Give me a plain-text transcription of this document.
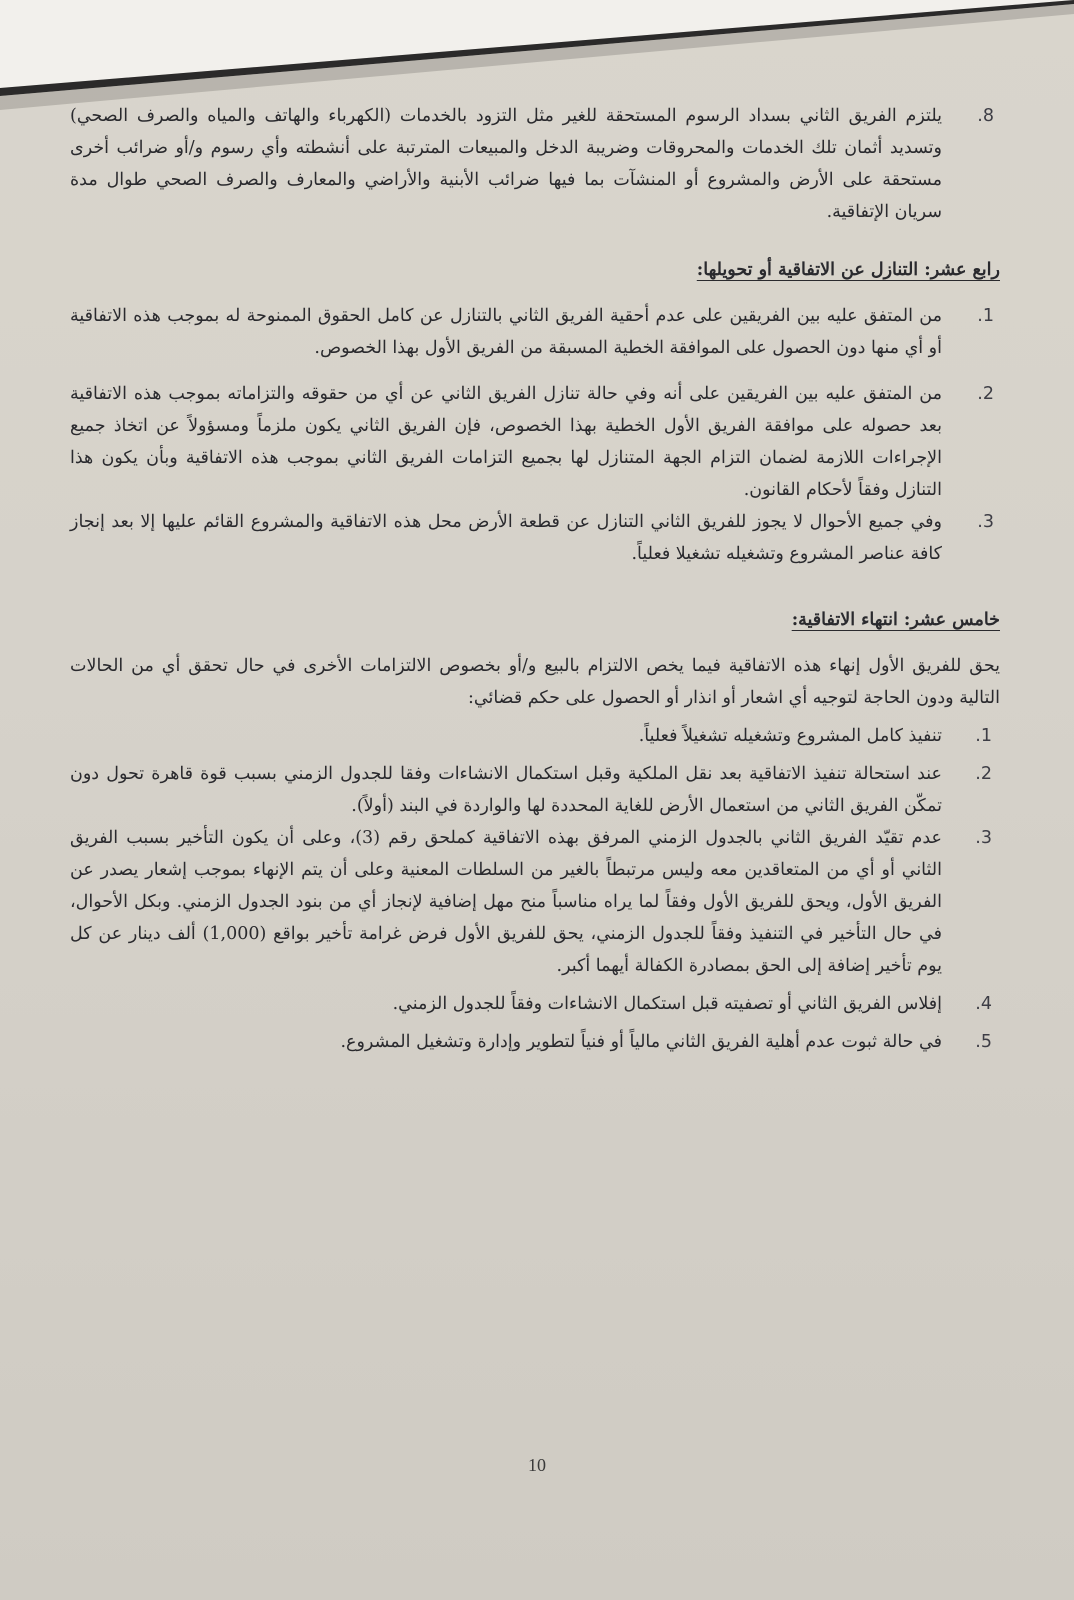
8.

يلتزم الفريق الثاني بسداد الرسوم المستحقة للغير مثل التزود بالخدمات (الكهرباء والهاتف والمياه والصرف الصحي) وتسديد أثمان تلك الخدمات والمحروقات وضريبة الدخل والمبيعات المترتبة على أنشطته وأي رسوم و/أو ضرائب أخرى مستحقة على الأرض والمشروع أو المنشآت بما فيها ضرائب الأبنية والأراضي والمعارف والصرف الصحي طوال مدة سريان الإتفاقية.

رابع عشر: التنازل عن الاتفاقية أو تحويلها:
1.

من المتفق عليه بين الفريقين على عدم أحقية الفريق الثاني بالتنازل عن كامل الحقوق الممنوحة له بموجب هذه الاتفاقية أو أي منها دون الحصول على الموافقة الخطية المسبقة من الفريق الأول بهذا الخصوص.

2.

من المتفق عليه بين الفريقين على أنه وفي حالة تنازل الفريق الثاني عن أي من حقوقه والتزاماته بموجب هذه الاتفاقية بعد حصوله على موافقة الفريق الأول الخطية بهذا الخصوص، فإن الفريق الثاني يكون ملزماً ومسؤولاً عن اتخاذ جميع الإجراءات اللازمة لضمان التزام الجهة المتنازل لها بجميع التزامات الفريق الثاني بموجب هذه الاتفاقية وبأن يكون هذا التنازل وفقاً لأحكام القانون.

3.

وفي جميع الأحوال لا يجوز للفريق الثاني التنازل عن قطعة الأرض محل هذه الاتفاقية والمشروع القائم عليها إلا بعد إنجاز كافة عناصر المشروع وتشغيله تشغيلا فعلياً.

خامس عشر: انتهاء الاتفاقية:

يحق للفريق الأول إنهاء هذه الاتفاقية فيما يخص الالتزام بالبيع و/أو بخصوص الالتزامات الأخرى في حال تحقق أي من الحالات التالية ودون الحاجة لتوجيه أي اشعار أو انذار أو الحصول على حكم قضائي:

1.

تنفيذ كامل المشروع وتشغيله تشغيلاً فعلياً.

2.

عند استحالة تنفيذ الاتفاقية بعد نقل الملكية وقبل استكمال الانشاءات وفقا للجدول الزمني بسبب قوة قاهرة تحول دون تمكّن الفريق الثاني من استعمال الأرض للغاية المحددة لها والواردة في البند (أولاً).

3.

عدم تقيّد الفريق الثاني بالجدول الزمني المرفق بهذه الاتفاقية كملحق رقم (3)، وعلى أن يكون التأخير بسبب الفريق الثاني أو أي من المتعاقدين معه وليس مرتبطاً بالغير من السلطات المعنية وعلى أن يتم الإنهاء بموجب إشعار يصدر عن الفريق الأول، ويحق للفريق الأول وفقاً لما يراه مناسباً منح مهل إضافية لإنجاز أي من بنود الجدول الزمني. وبكل الأحوال، في حال التأخير في التنفيذ وفقاً للجدول الزمني، يحق للفريق الأول فرض غرامة تأخير بواقع (1,000) ألف دينار عن كل يوم تأخير إضافة إلى الحق بمصادرة الكفالة أيهما أكبر.

4.

إفلاس الفريق الثاني أو تصفيته قبل استكمال الانشاءات وفقاً للجدول الزمني.

5.

في حالة ثبوت عدم أهلية الفريق الثاني مالياً أو فنياً لتطوير وإدارة وتشغيل المشروع.

10
